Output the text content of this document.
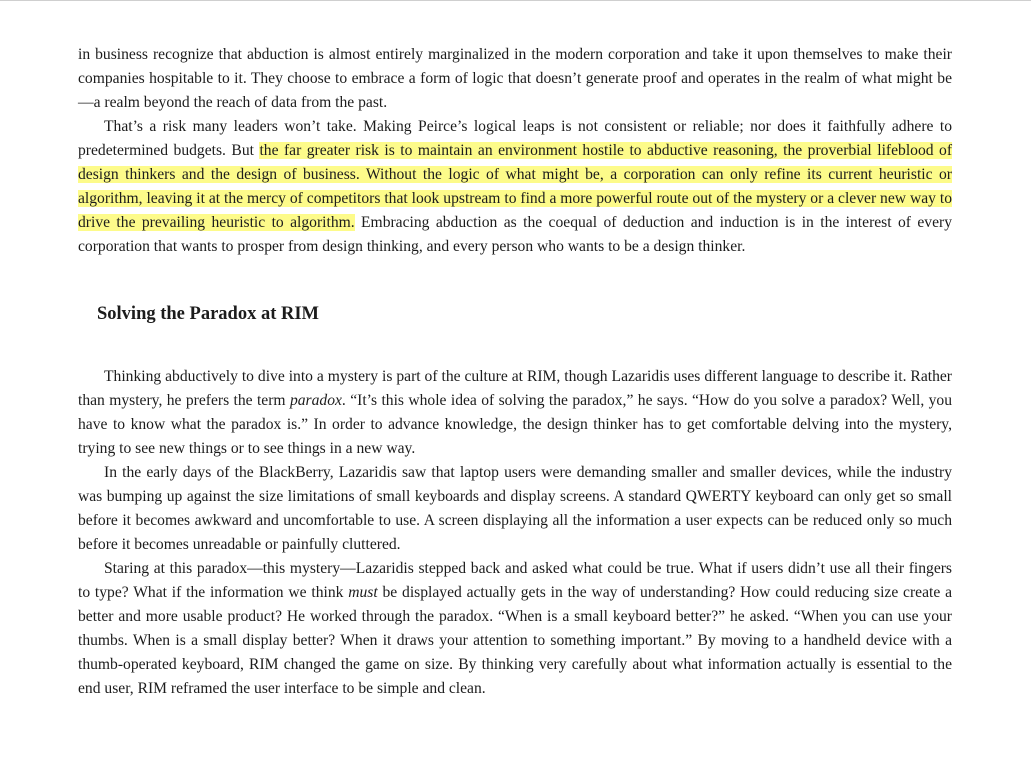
in business recognize that abduction is almost entirely marginalized in the modern corporation and take it upon themselves to make their companies hospitable to it. They choose to embrace a form of logic that doesn’t generate proof and operates in the realm of what might be—a realm beyond the reach of data from the past.

That’s a risk many leaders won’t take. Making Peirce’s logical leaps is not consistent or reliable; nor does it faithfully adhere to predetermined budgets. But the far greater risk is to maintain an environment hostile to abductive reasoning, the proverbial lifeblood of design thinkers and the design of business. Without the logic of what might be, a corporation can only refine its current heuristic or algorithm, leaving it at the mercy of competitors that look upstream to find a more powerful route out of the mystery or a clever new way to drive the prevailing heuristic to algorithm. Embracing abduction as the coequal of deduction and induction is in the interest of every corporation that wants to prosper from design thinking, and every person who wants to be a design thinker.

Solving the Paradox at RIM

Thinking abductively to dive into a mystery is part of the culture at RIM, though Lazaridis uses different language to describe it. Rather than mystery, he prefers the term paradox. “It’s this whole idea of solving the paradox,” he says. “How do you solve a paradox? Well, you have to know what the paradox is.” In order to advance knowledge, the design thinker has to get comfortable delving into the mystery, trying to see new things or to see things in a new way.

In the early days of the BlackBerry, Lazaridis saw that laptop users were demanding smaller and smaller devices, while the industry was bumping up against the size limitations of small keyboards and display screens. A standard QWERTY keyboard can only get so small before it becomes awkward and uncomfortable to use. A screen displaying all the information a user expects can be reduced only so much before it becomes unreadable or painfully cluttered.

Staring at this paradox—this mystery—Lazaridis stepped back and asked what could be true. What if users didn’t use all their fingers to type? What if the information we think must be displayed actually gets in the way of understanding? How could reducing size create a better and more usable product? He worked through the paradox. “When is a small keyboard better?” he asked. “When you can use your thumbs. When is a small display better? When it draws your attention to something important.” By moving to a handheld device with a thumb-operated keyboard, RIM changed the game on size. By thinking very carefully about what information actually is essential to the end user, RIM reframed the user interface to be simple and clean.
